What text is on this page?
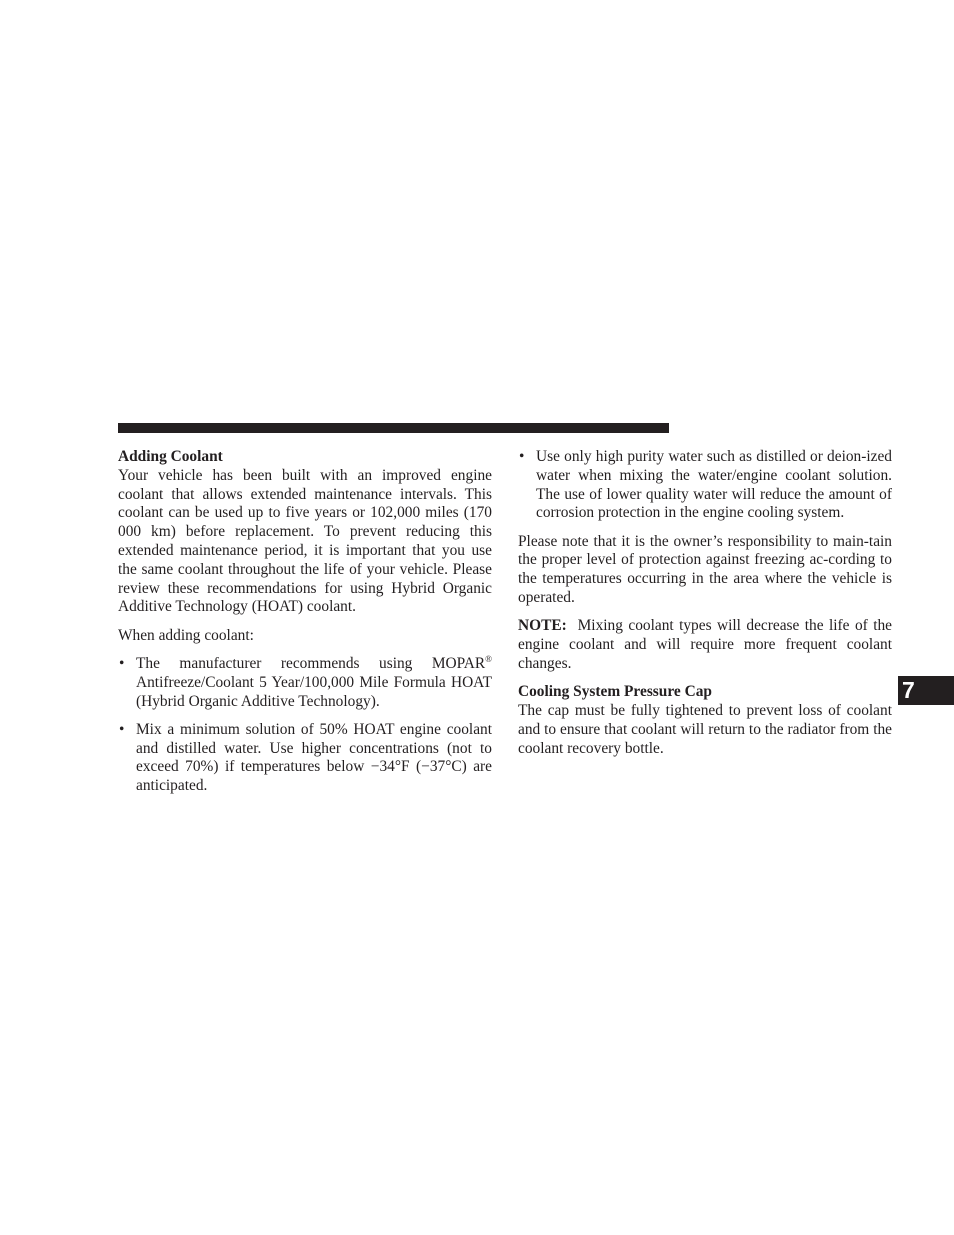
Adding Coolant

Your vehicle has been built with an improved engine coolant that allows extended maintenance intervals. This coolant can be used up to five years or 102,000 miles (170 000 km) before replacement. To prevent reducing this extended maintenance period, it is important that you use the same coolant throughout the life of your vehicle. Please review these recommendations for using Hybrid Organic Additive Technology (HOAT) coolant.

When adding coolant:

• The manufacturer recommends using MOPAR® Antifreeze/Coolant 5 Year/100,000 Mile Formula HOAT (Hybrid Organic Additive Technology).
• Mix a minimum solution of 50% HOAT engine coolant and distilled water. Use higher concentrations (not to exceed 70%) if temperatures below −34°F (−37°C) are anticipated.
• Use only high purity water such as distilled or deion-ized water when mixing the water/engine coolant solution. The use of lower quality water will reduce the amount of corrosion protection in the engine cooling system.

Please note that it is the owner’s responsibility to main-tain the proper level of protection against freezing ac-cording to the temperatures occurring in the area where the vehicle is operated.

NOTE: Mixing coolant types will decrease the life of the engine coolant and will require more frequent coolant changes.

Cooling System Pressure Cap

The cap must be fully tightened to prevent loss of coolant and to ensure that coolant will return to the radiator from the coolant recovery bottle.

7
